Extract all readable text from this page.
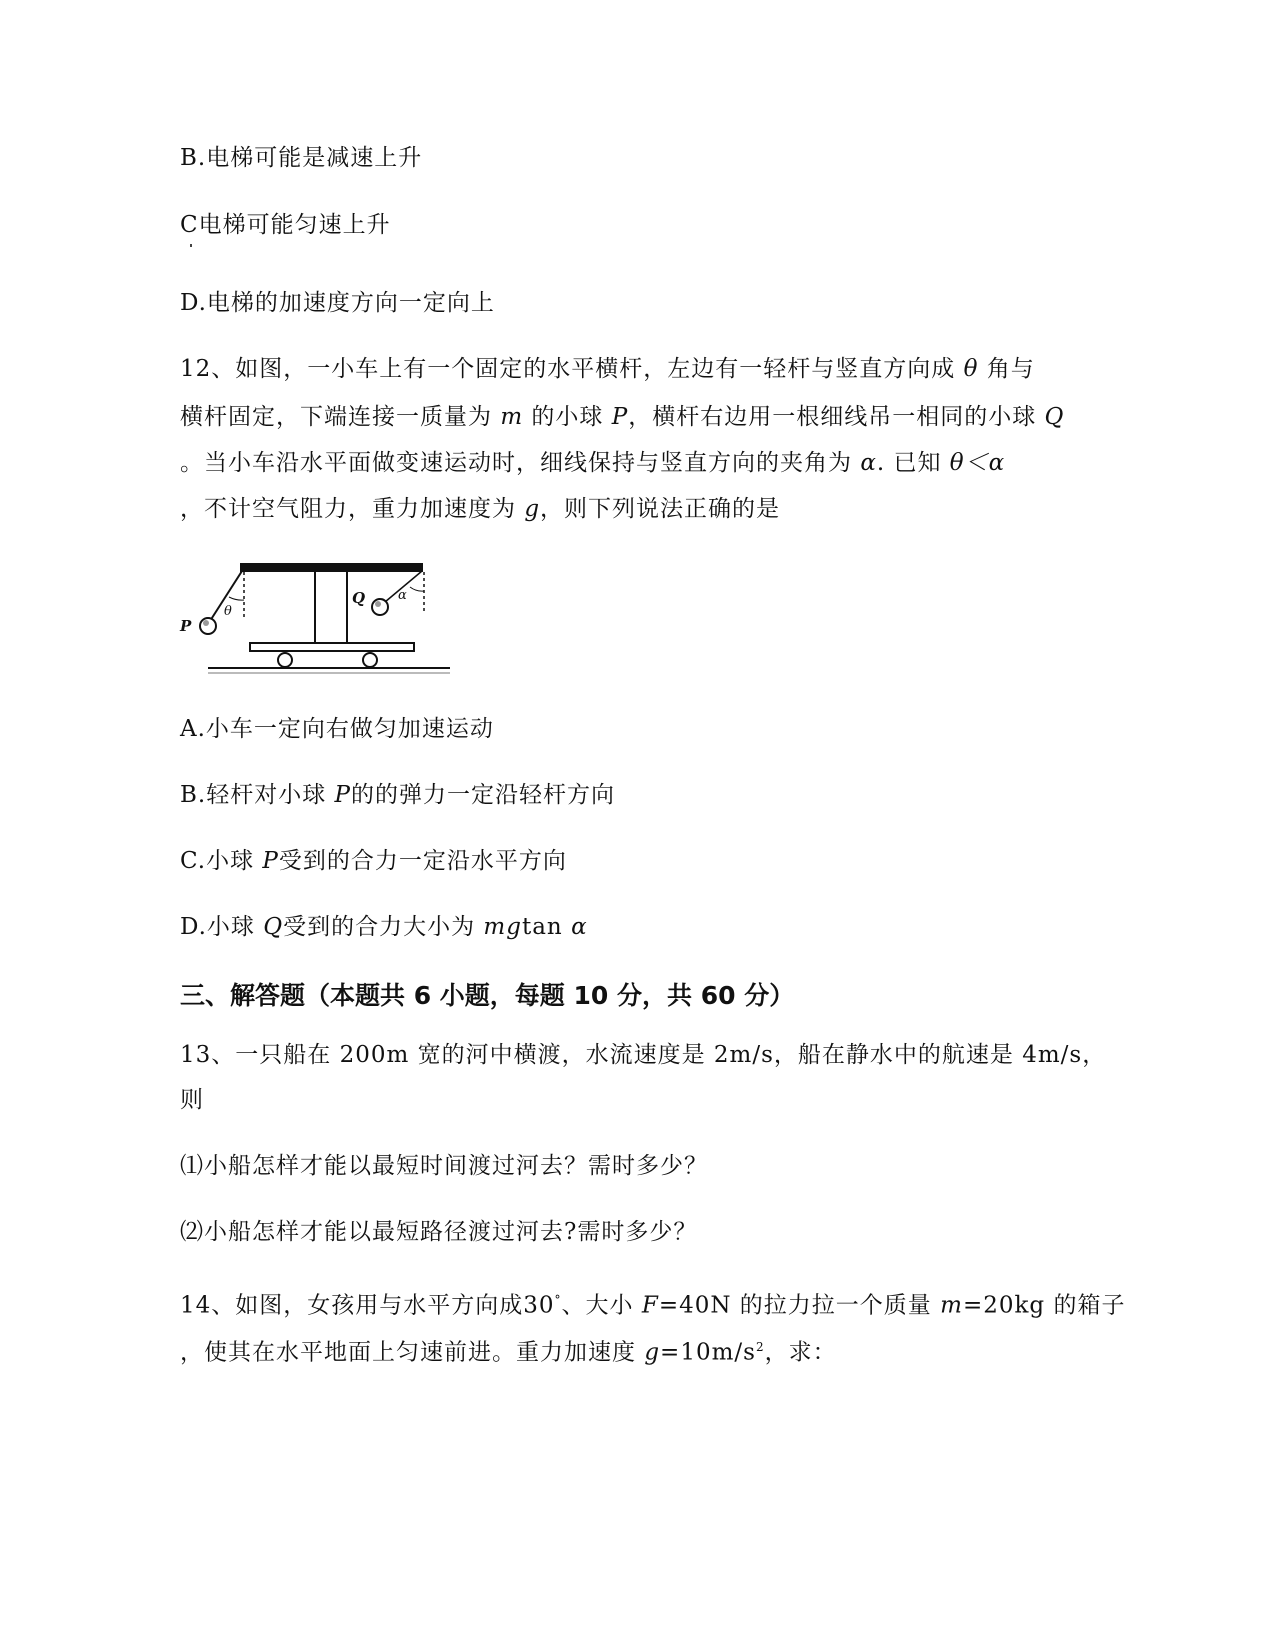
B.电梯可能是减速上升
C电梯可能匀速上升
D.电梯的加速度方向一定向上
12、如图，一小车上有一个固定的水平横杆，左边有一轻杆与竖直方向成 θ 角与
横杆固定，下端连接一质量为 m 的小球 P，横杆右边用一根细线吊一相同的小球 Q
。当小车沿水平面做变速运动时，细线保持与竖直方向的夹角为 α. 已知 θ＜α
，不计空气阻力，重力加速度为 g，则下列说法正确的是
P
θ
Q	α
A.小车一定向右做匀加速运动
B.轻杆对小球 P的的弹力一定沿轻杆方向
C.小球 P受到的合力一定沿水平方向
D.小球 Q受到的合力大小为 mgtan α
三、解答题（本题共 6 小题，每题 10 分，共 60 分）
13、一只船在 200m 宽的河中横渡，水流速度是 2m/s，船在静水中的航速是 4m/s，
则
⑴小船怎样才能以最短时间渡过河去？需时多少？
⑵小船怎样才能以最短路径渡过河去?需时多少？
14、如图，女孩用与水平方向成30°、大小 F=40N 的拉力拉一个质量 m=20kg 的箱子
，使其在水平地面上匀速前进。重力加速度 $g=10m/s^2$，求：
